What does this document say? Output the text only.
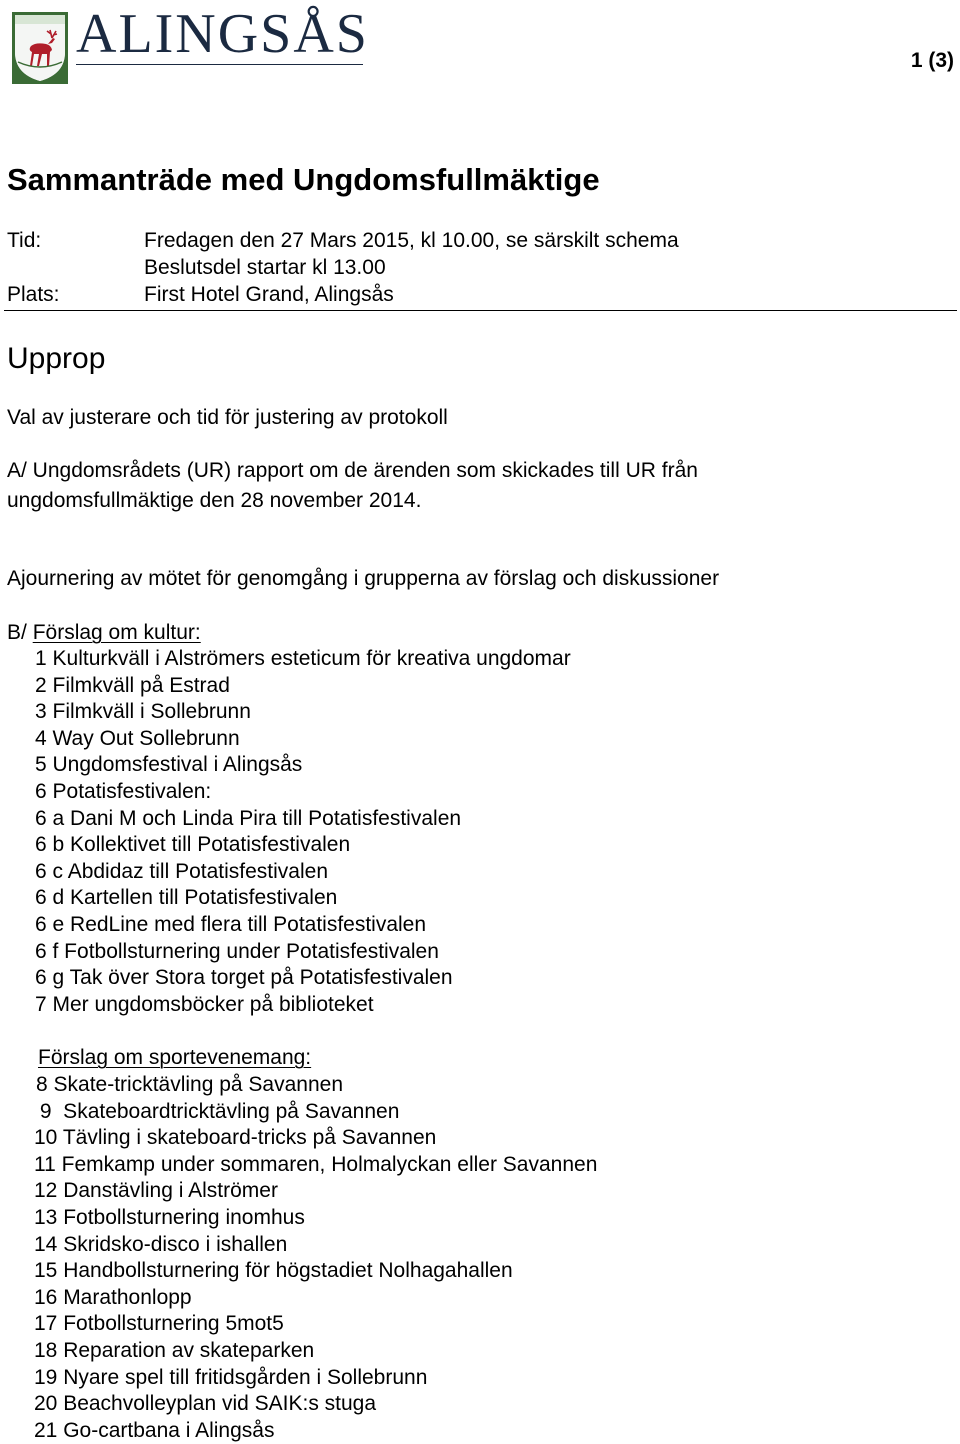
ALINGSÅS	1 (3)
Sammanträde med Ungdomsfullmäktige
Tid:	Fredagen den 27 Mars 2015, kl 10.00, se särskilt schema
Beslutsdel startar kl 13.00
Plats:	First Hotel Grand, Alingsås
Upprop
Val av justerare och tid för justering av protokoll
A/ Ungdomsrådets (UR) rapport om de ärenden som skickades till UR från
ungdomsfullmäktige den 28 november 2014.
Ajournering av mötet för genomgång i grupperna av förslag och diskussioner
B/ Förslag om kultur:
1 Kulturkväll i Alströmers esteticum för kreativa ungdomar
2 Filmkväll på Estrad
3 Filmkväll i Sollebrunn
4 Way Out Sollebrunn
5 Ungdomsfestival i Alingsås
6 Potatisfestivalen:
6 a Dani M och Linda Pira till Potatisfestivalen
6 b Kollektivet till Potatisfestivalen
6 c Abdidaz till Potatisfestivalen
6 d Kartellen till Potatisfestivalen
6 e RedLine med flera till Potatisfestivalen
6 f Fotbollsturnering under Potatisfestivalen
6 g Tak över Stora torget på Potatisfestivalen
7 Mer ungdomsböcker på biblioteket
Förslag om sportevenemang:
8 Skate-tricktävling på Savannen
9  Skateboardtricktävling på Savannen
10 Tävling i skateboard-tricks på Savannen
11 Femkamp under sommaren, Holmalyckan eller Savannen
12 Danstävling i Alströmer
13 Fotbollsturnering inomhus
14 Skridsko-disco i ishallen
15 Handbollsturnering för högstadiet Nolhagahallen
16 Marathonlopp
17 Fotbollsturnering 5mot5
18 Reparation av skateparken
19 Nyare spel till fritidsgården i Sollebrunn
20 Beachvolleyplan vid SAIK:s stuga
21 Go-cartbana i Alingsås
